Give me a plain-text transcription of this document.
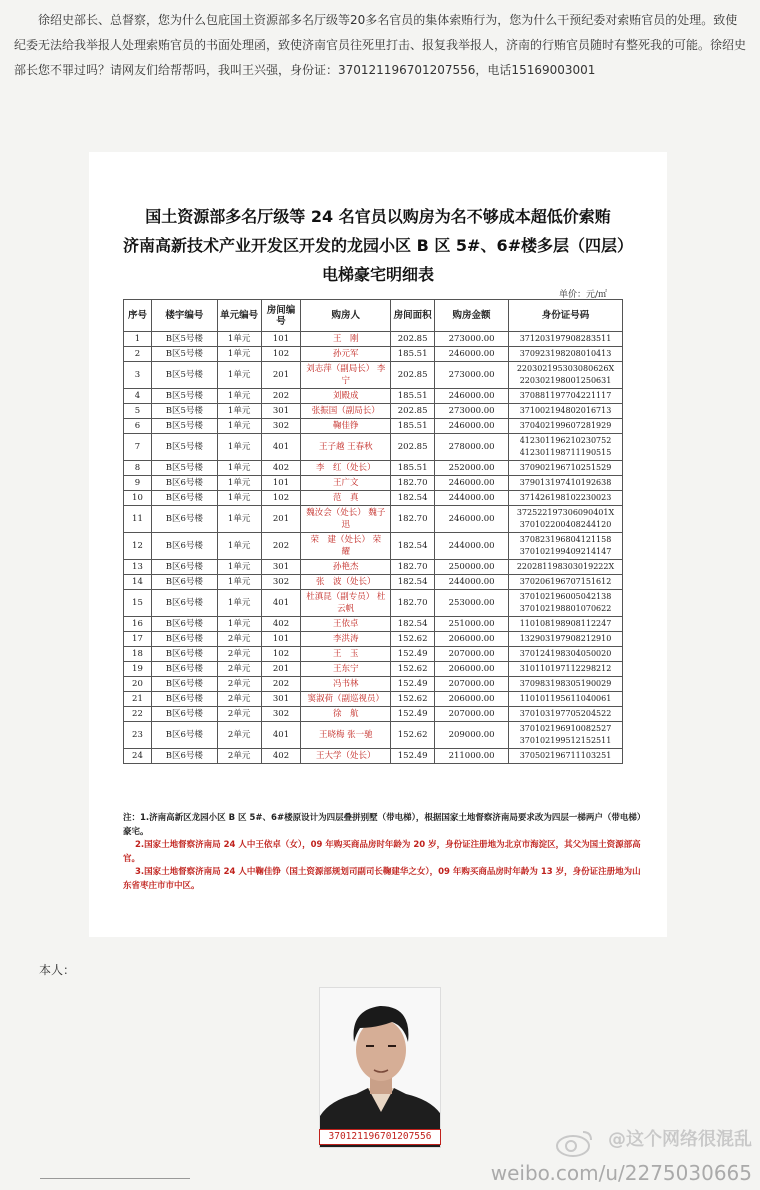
徐绍史部长、总督察，您为什么包庇国土资源部多名厅级等20多名官员的集体索贿行为，您为什么干预纪委对索贿官员的处理。致使纪委无法给我举报人处理索贿官员的书面处理函，致使济南官员往死里打击、报复我举报人，济南的行贿官员随时有整死我的可能。徐绍史部长您不罪过吗？请网友们给帮帮吗，我叫王兴强，身份证：370121196701207556，电话15169003001
国土资源部多名厅级等 24 名官员以购房为名不够成本超低价索贿
济南高新技术产业开发区开发的龙园小区 B 区 5#、6#楼多层（四层）
电梯豪宅明细表
单价：元/㎡
序号	楼宇编号	单元编号	房间编号	购房人	房间面积	购房金额	身份证号码
1	B区5号楼	1单元	101	王　刚	202.85	273000.00	371203197908283511
2	B区5号楼	1单元	102	孙元军	185.51	246000.00	370923198208010413
3	B区5号楼	1单元	201	刘志萍（副局长） 李　宁	202.85	273000.00	220302195303080626X 220302198001250631
4	B区5号楼	1单元	202	刘殿成	185.51	246000.00	370881197704221117
5	B区5号楼	1单元	301	张振国（副局长）	202.85	273000.00	371002194802016713
6	B区5号楼	1单元	302	鞠佳铮	185.51	246000.00	370402199607281929
7	B区5号楼	1单元	401	王子越 王春秋	202.85	278000.00	412301196210230752 412301198711190515
8	B区5号楼	1单元	402	李　红（处长）	185.51	252000.00	370902196710251529
9	B区6号楼	1单元	101	王广文	182.70	246000.00	379013197410192638
10	B区6号楼	1单元	102	范　真	182.54	244000.00	371426198102230023
11	B区6号楼	1单元	201	魏汝会（处长） 魏子迅	182.70	246000.00	372522197306090401X 370102200408244120
12	B区6号楼	1单元	202	荣　建（处长） 荣　耀	182.54	244000.00	370823196804121158 370102199409214147
13	B区6号楼	1单元	301	孙艳杰	182.70	250000.00	220281198303019222X
14	B区6号楼	1单元	302	张　波（处长）	182.54	244000.00	370206196707151612
15	B区6号楼	1单元	401	杜滇昆（副专员） 杜云帆	182.70	253000.00	370102196005042138 370102198801070622
16	B区6号楼	1单元	402	王依卓	182.54	251000.00	110108198908112247
17	B区6号楼	2单元	101	李洪涛	152.62	206000.00	132903197908212910
18	B区6号楼	2单元	102	王　玉	152.49	207000.00	370124198304050020
19	B区6号楼	2单元	201	王东宁	152.62	206000.00	310110197112298212
20	B区6号楼	2单元	202	冯书林	152.49	207000.00	370983198305190029
21	B区6号楼	2单元	301	窦淑荷（副巡视员）	152.62	206000.00	110101195611040061
22	B区6号楼	2单元	302	徐　航	152.49	207000.00	370103197705204522
23	B区6号楼	2单元	401	王晓梅 张一驰	152.62	209000.00	370102196910082527 370102199512152511
24	B区6号楼	2单元	402	王大学（处长）	152.49	211000.00	370502196711103251
注：1.济南高新区龙园小区 B 区 5#、6#楼原设计为四层叠拼别墅（带电梯），根据国家土地督察济南局要求改为四层一梯两户（带电梯）豪宅。
2.国家土地督察济南局 24 人中王依卓（女），09 年购买商品房时年龄为 20 岁，身份证注册地为北京市海淀区，其父为国土资源部高官。
3.国家土地督察济南局 24 人中鞠佳铮（国土资源部规划司副司长鞠建华之女），09 年购买商品房时年龄为 13 岁，身份证注册地为山东省枣庄市市中区。
本人：
370121196701207556	@这个网络很混乱
weibo.com/u/2275030665
